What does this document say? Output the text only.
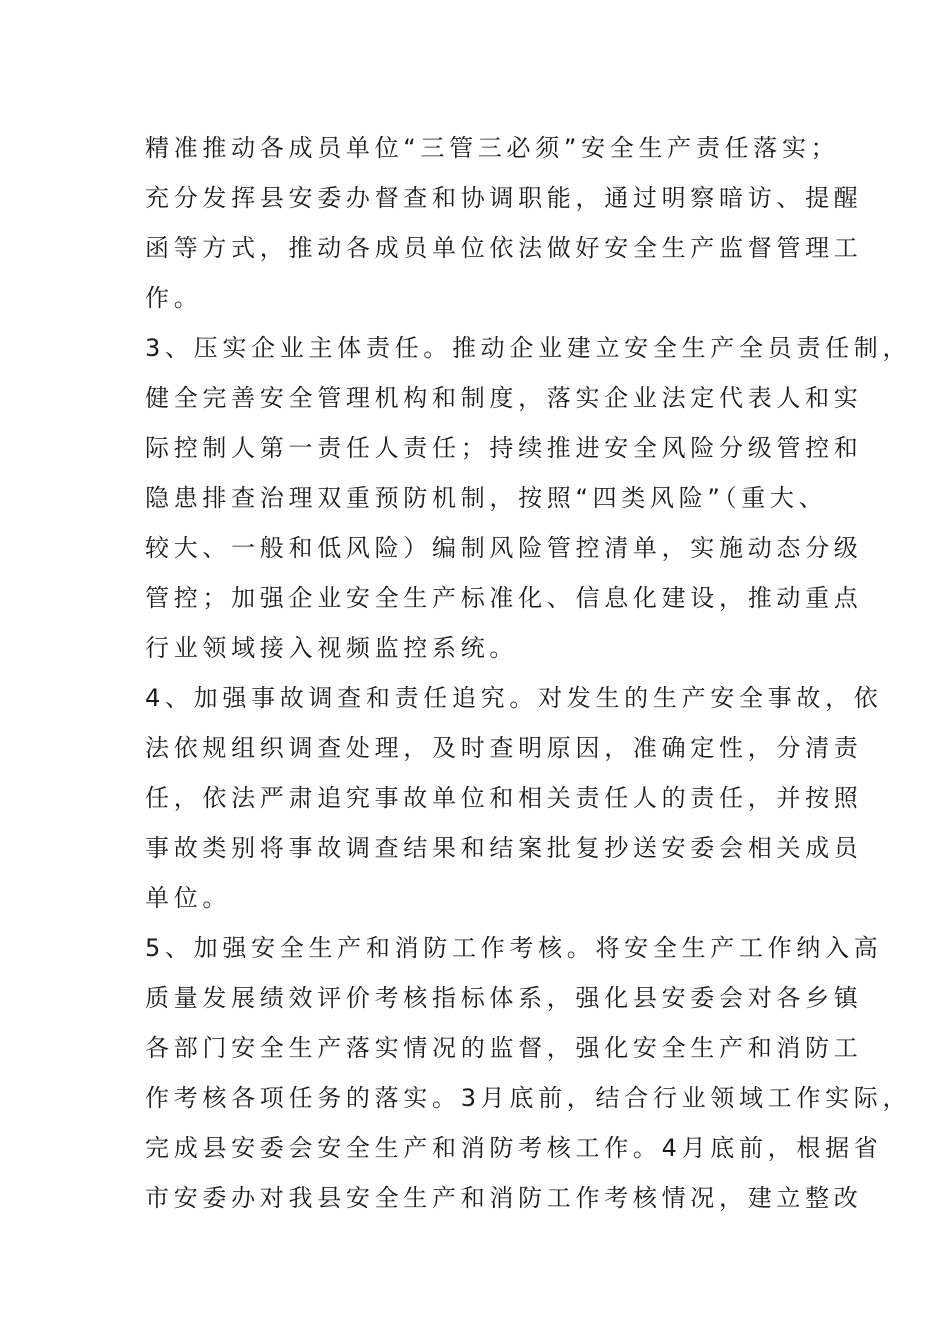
精准推动各成员单位“三管三必须”安全生产责任落实；
充分发挥县安委办督查和协调职能，通过明察暗访、提醒
函等方式，推动各成员单位依法做好安全生产监督管理工
作。
3、压实企业主体责任。推动企业建立安全生产全员责任制，
健全完善安全管理机构和制度，落实企业法定代表人和实
际控制人第一责任人责任；持续推进安全风险分级管控和
隐患排查治理双重预防机制，按照“四类风险”（重大、
较大、一般和低风险）编制风险管控清单，实施动态分级
管控；加强企业安全生产标准化、信息化建设，推动重点
行业领域接入视频监控系统。
4、加强事故调查和责任追究。对发生的生产安全事故，依
法依规组织调查处理，及时查明原因，准确定性，分清责
任，依法严肃追究事故单位和相关责任人的责任，并按照
事故类别将事故调查结果和结案批复抄送安委会相关成员
单位。
5、加强安全生产和消防工作考核。将安全生产工作纳入高
质量发展绩效评价考核指标体系，强化县安委会对各乡镇
各部门安全生产落实情况的监督，强化安全生产和消防工
作考核各项任务的落实。3月底前，结合行业领域工作实际，
完成县安委会安全生产和消防考核工作。4月底前，根据省
市安委办对我县安全生产和消防工作考核情况，建立整改
